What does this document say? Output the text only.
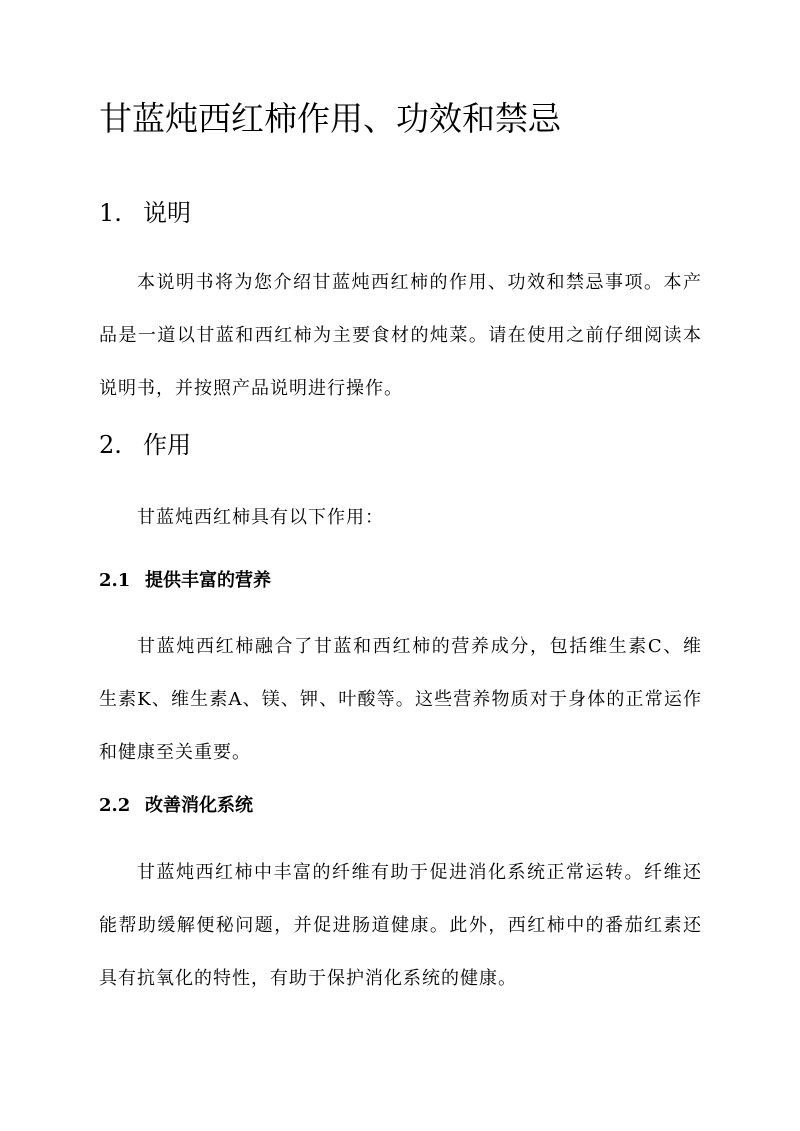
甘蓝炖西红柿作用、功效和禁忌
1. 说明

本说明书将为您介绍甘蓝炖西红柿的作用、功效和禁忌事项。本产品是一道以甘蓝和西红柿为主要食材的炖菜。请在使用之前仔细阅读本说明书，并按照产品说明进行操作。

2. 作用

甘蓝炖西红柿具有以下作用：

2.1 提供丰富的营养

甘蓝炖西红柿融合了甘蓝和西红柿的营养成分，包括维生素C、维生素K、维生素A、镁、钾、叶酸等。这些营养物质对于身体的正常运作和健康至关重要。

2.2 改善消化系统

甘蓝炖西红柿中丰富的纤维有助于促进消化系统正常运转。纤维还能帮助缓解便秘问题，并促进肠道健康。此外，西红柿中的番茄红素还具有抗氧化的特性，有助于保护消化系统的健康。
